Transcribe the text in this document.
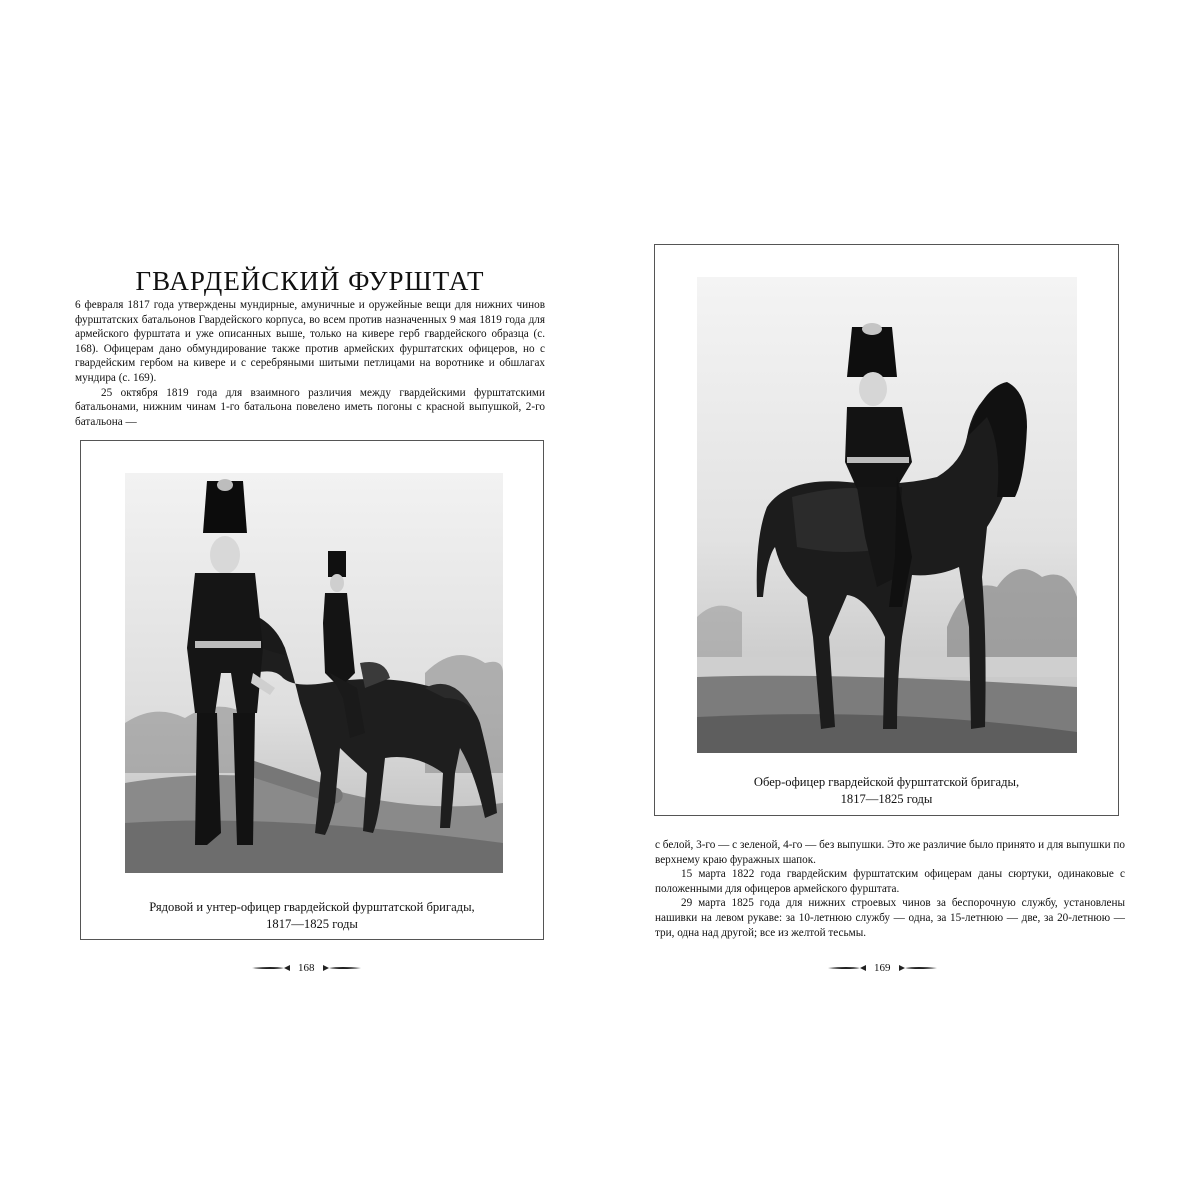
ГВАРДЕЙСКИЙ ФУРШТАТ

6 февраля 1817 года утверждены мундирные, амуничные и оружейные вещи для нижних чинов фурштатских батальонов Гвардейского корпуса, во всем против назначенных 9 мая 1819 года для армейского фурштата и уже описанных выше, только на кивере герб гвардейского образца (с. 168). Офицерам дано обмундирование также против армейских фурштатских офицеров, но с гвардейским гербом на кивере и с серебряными шитыми петлицами на воротнике и обшлагах мундира (с. 169).

25 октября 1819 года для взаимного различия между гвардейскими фурштатскими батальонами, нижним чинам 1-го батальона повелено иметь погоны с красной выпушкой, 2-го батальона —

Рядовой и унтер-офицер гвардейской фурштатской бригады,
1817—1825 годы
168
Обер-офицер гвардейской фурштатской бригады,
1817—1825 годы

с белой, 3-го — с зеленой, 4-го — без выпушки. Это же различие было принято и для выпушки по верхнему краю фуражных шапок.

15 марта 1822 года гвардейским фурштатским офицерам даны сюртуки, одинаковые с положенными для офицеров армейского фурштата.

29 марта 1825 года для нижних строевых чинов за беспорочную службу, установлены нашивки на левом рукаве: за 10-летнюю службу — одна, за 15-летнюю — две, за 20-летнюю — три, одна над другой; все из желтой тесьмы.

169
